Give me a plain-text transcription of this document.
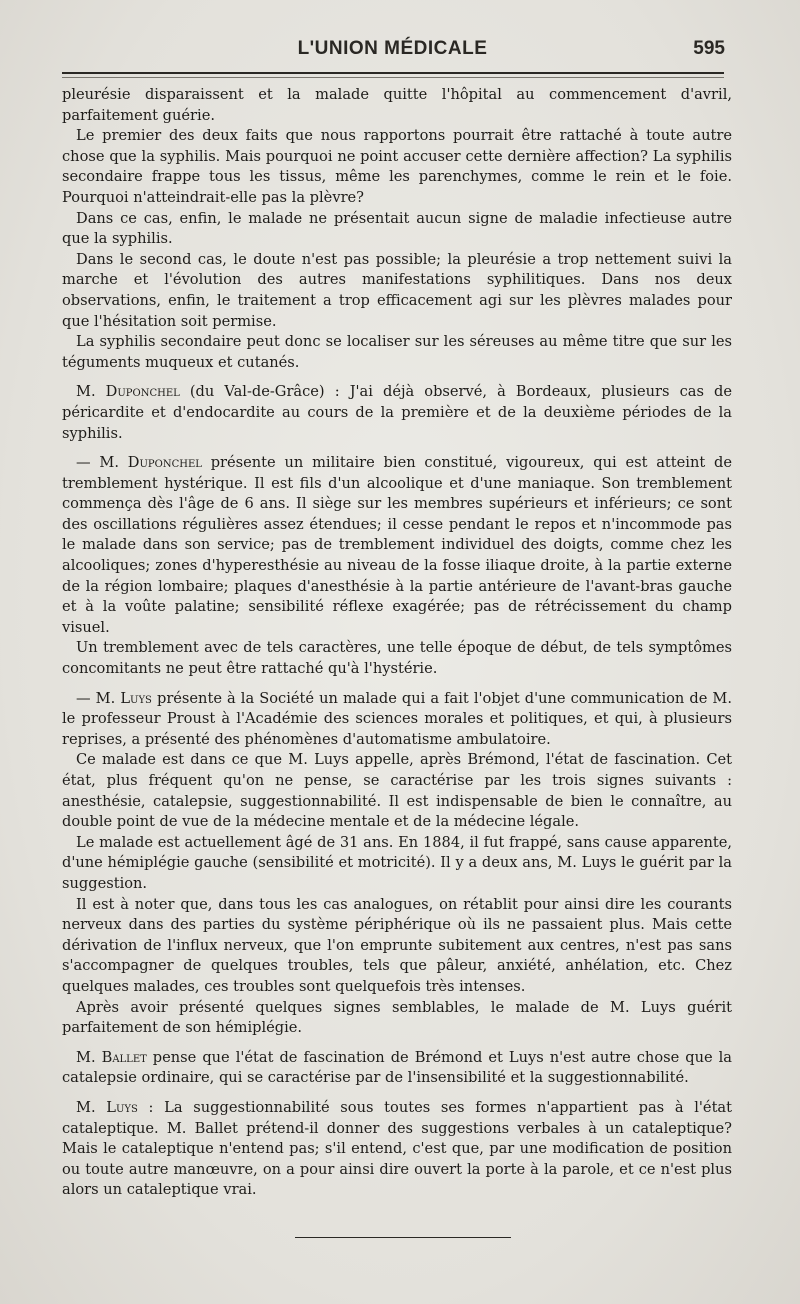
L'UNION MÉDICALE	595

pleurésie disparaissent et la malade quitte l'hôpital au commencement d'avril, parfaitement guérie.

Le premier des deux faits que nous rapportons pourrait être rattaché à toute autre chose que la syphilis. Mais pourquoi ne point accuser cette dernière affection? La syphilis secondaire frappe tous les tissus, même les parenchymes, comme le rein et le foie. Pourquoi n'atteindrait-elle pas la plèvre?

Dans ce cas, enfin, le malade ne présentait aucun signe de maladie infectieuse autre que la syphilis.

Dans le second cas, le doute n'est pas possible; la pleurésie a trop nettement suivi la marche et l'évolution des autres manifestations syphilitiques. Dans nos deux observations, enfin, le traitement a trop efficacement agi sur les plèvres malades pour que l'hésitation soit permise.

La syphilis secondaire peut donc se localiser sur les séreuses au même titre que sur les téguments muqueux et cutanés.

M. Duponchel (du Val-de-Grâce) : J'ai déjà observé, à Bordeaux, plusieurs cas de péricardite et d'endocardite au cours de la première et de la deuxième périodes de la syphilis.

— M. Duponchel présente un militaire bien constitué, vigoureux, qui est atteint de tremblement hystérique. Il est fils d'un alcoolique et d'une maniaque. Son tremblement commença dès l'âge de 6 ans. Il siège sur les membres supérieurs et inférieurs; ce sont des oscillations régulières assez étendues; il cesse pendant le repos et n'incommode pas le malade dans son service; pas de tremblement individuel des doigts, comme chez les alcooliques; zones d'hyperesthésie au niveau de la fosse iliaque droite, à la partie externe de la région lombaire; plaques d'anesthésie à la partie antérieure de l'avant-bras gauche et à la voûte palatine; sensibilité réflexe exagérée; pas de rétrécissement du champ visuel.

Un tremblement avec de tels caractères, une telle époque de début, de tels symptômes concomitants ne peut être rattaché qu'à l'hystérie.

— M. Luys présente à la Société un malade qui a fait l'objet d'une communication de M. le professeur Proust à l'Académie des sciences morales et politiques, et qui, à plusieurs reprises, a présenté des phénomènes d'automatisme ambulatoire.

Ce malade est dans ce que M. Luys appelle, après Brémond, l'état de fascination. Cet état, plus fréquent qu'on ne pense, se caractérise par les trois signes suivants : anesthésie, catalepsie, suggestionnabilité. Il est indispensable de bien le connaître, au double point de vue de la médecine mentale et de la médecine légale.

Le malade est actuellement âgé de 31 ans. En 1884, il fut frappé, sans cause apparente, d'une hémiplégie gauche (sensibilité et motricité). Il y a deux ans, M. Luys le guérit par la suggestion.

Il est à noter que, dans tous les cas analogues, on rétablit pour ainsi dire les courants nerveux dans des parties du système périphérique où ils ne passaient plus. Mais cette dérivation de l'influx nerveux, que l'on emprunte subitement aux centres, n'est pas sans s'accompagner de quelques troubles, tels que pâleur, anxiété, anhélation, etc. Chez quelques malades, ces troubles sont quelquefois très intenses.

Après avoir présenté quelques signes semblables, le malade de M. Luys guérit parfaitement de son hémiplégie.

M. Ballet pense que l'état de fascination de Brémond et Luys n'est autre chose que la catalepsie ordinaire, qui se caractérise par de l'insensibilité et la suggestionnabilité.

M. Luys : La suggestionnabilité sous toutes ses formes n'appartient pas à l'état cataleptique. M. Ballet prétend-il donner des suggestions verbales à un cataleptique? Mais le cataleptique n'entend pas; s'il entend, c'est que, par une modification de position ou toute autre manœuvre, on a pour ainsi dire ouvert la porte à la parole, et ce n'est plus alors un cataleptique vrai.
